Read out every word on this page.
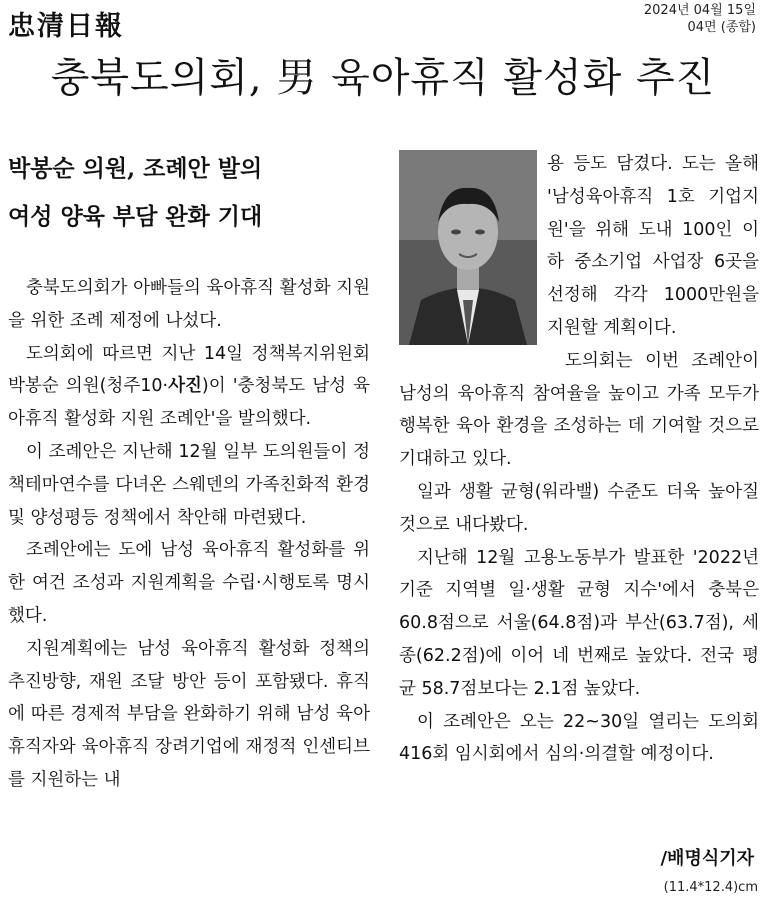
忠清日報
2024년 04월 15일
04면 (종합)
충북도의회, 男 육아휴직 활성화 추진
박봉순 의원, 조례안 발의
여성 양육 부담 완화 기대

충북도의회가 아빠들의 육아휴직 활성화 지원을 위한 조례 제정에 나섰다.

도의회에 따르면 지난 14일 정책복지위원회 박봉순 의원(청주10·사진)이 '충청북도 남성 육아휴직 활성화 지원 조례안'을 발의했다.

이 조례안은 지난해 12월 일부 도의원들이 정책테마연수를 다녀온 스웨덴의 가족친화적 환경 및 양성평등 정책에서 착안해 마련됐다.

조례안에는 도에 남성 육아휴직 활성화를 위한 여건 조성과 지원계획을 수립·시행토록 명시했다.

지원계획에는 남성 육아휴직 활성화 정책의 추진방향, 재원 조달 방안 등이 포함됐다. 휴직에 따른 경제적 부담을 완화하기 위해 남성 육아휴직자와 육아휴직 장려기업에 재정적 인센티브를 지원하는 내

용 등도 담겼다. 도는 올해 '남성육아휴직 1호 기업지원'을 위해 도내 100인 이하 중소기업 사업장 6곳을 선정해 각각 1000만원을 지원할 계획이다.

도의회는 이번 조례안이 남성의 육아휴직 참여율을 높이고 가족 모두가 행복한 육아 환경을 조성하는 데 기여할 것으로 기대하고 있다.

일과 생활 균형(워라밸) 수준도 더욱 높아질 것으로 내다봤다.

지난해 12월 고용노동부가 발표한 '2022년 기준 지역별 일·생활 균형 지수'에서 충북은 60.8점으로 서울(64.8점)과 부산(63.7점), 세종(62.2점)에 이어 네 번째로 높았다. 전국 평균 58.7점보다는 2.1점 높았다.

이 조례안은 오는 22~30일 열리는 도의회 416회 임시회에서 심의·의결할 예정이다.

/배명식기자
(11.4*12.4)cm
